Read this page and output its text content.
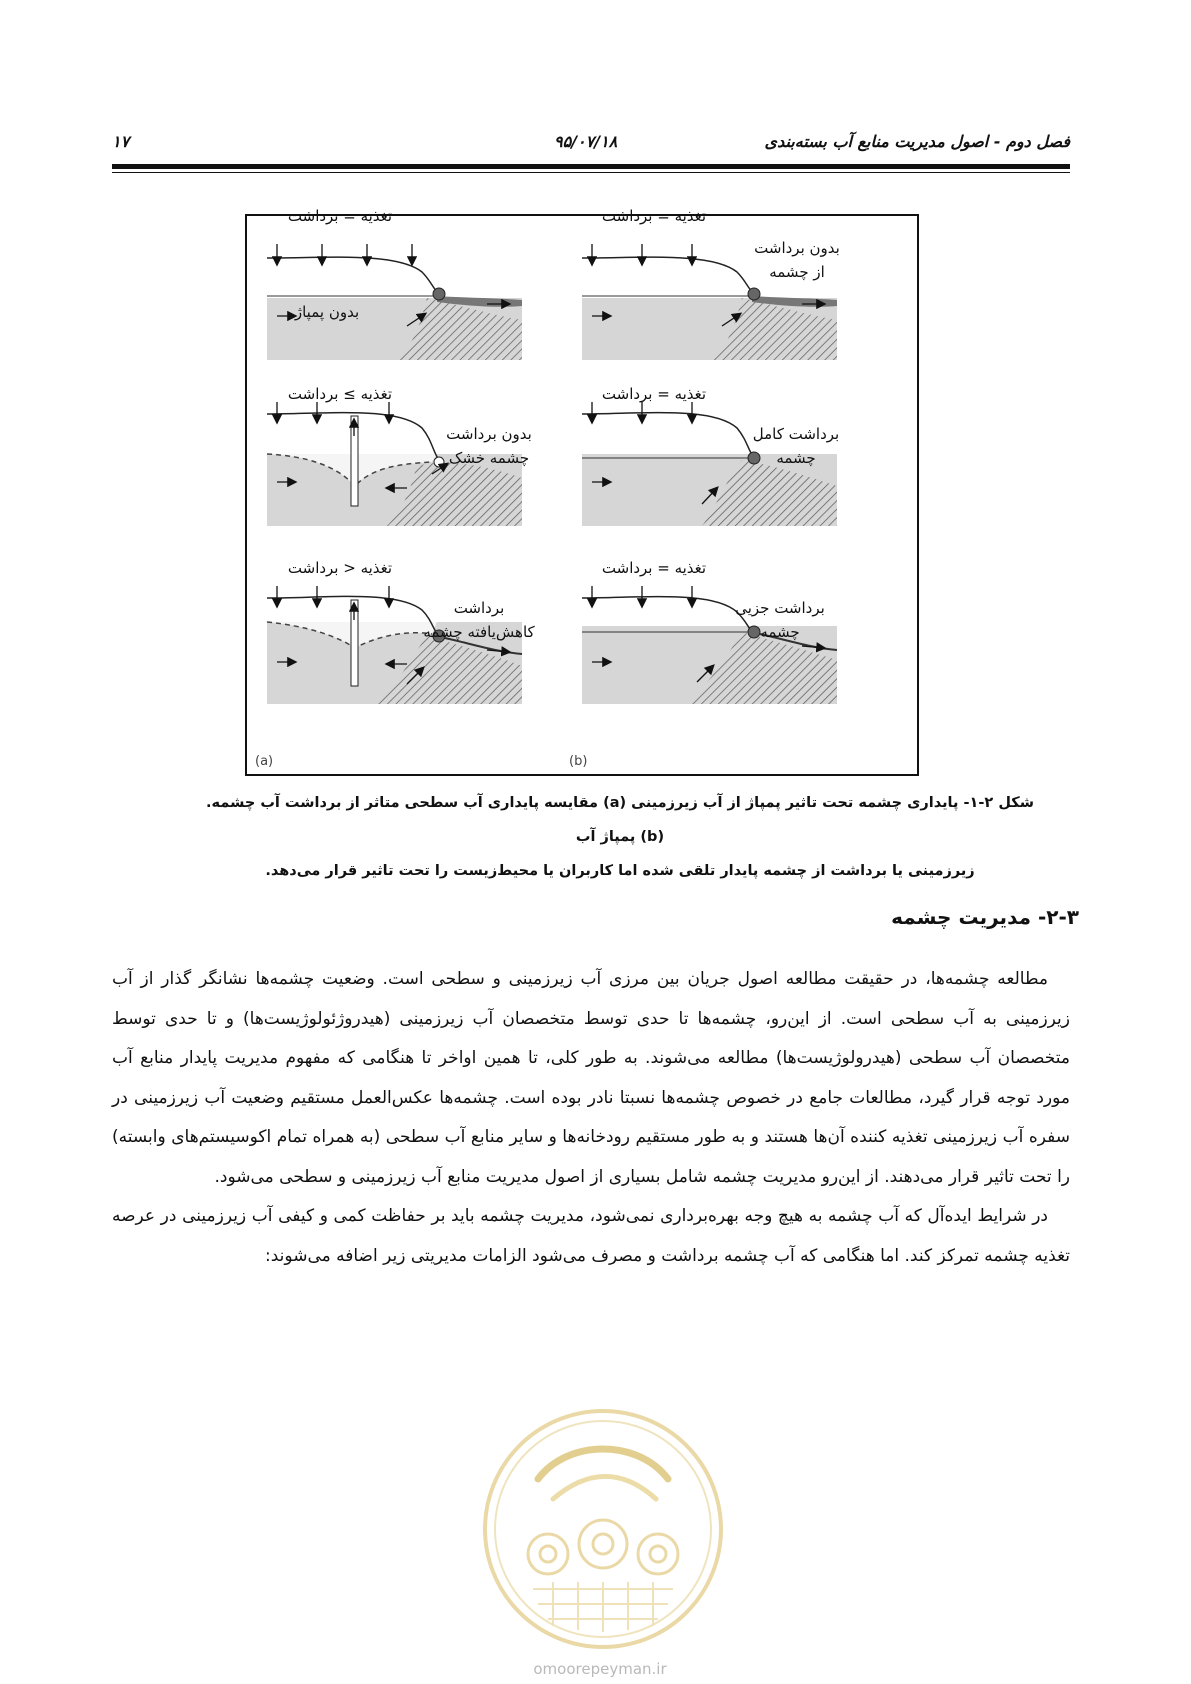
فصل دوم - اصول مدیریت منابع آب بسته‌بندی
۹۵/۰۷/۱۸
۱۷
تغذیه = برداشت
بدون پمپاژ
تغذیه = برداشت
بدون برداشت از چشمه
تغذیه ≥ برداشت
بدون برداشت چشمه خشک
تغذیه = برداشت
برداشت کامل چشمه
تغذیه < برداشت
برداشت کاهش‌یافته چشمه
تغذیه = برداشت
برداشت جزیی چشمه
(a)	(b)

شکل ۲-۱- پایداری چشمه تحت تاثیر پمپاژ از آب زیرزمینی (a) مقایسه پایداری آب سطحی متاثر از برداشت آب چشمه. (b) پمپاژ آب

زیرزمینی یا برداشت از چشمه پایدار تلقی شده اما کاربران یا محیط‌زیست را تحت تاثیر قرار می‌دهد.

۲-۳- مدیریت چشمه

مطالعه چشمه‌ها، در حقیقت مطالعه اصول جریان بین مرزی آب زیرزمینی و سطحی است. وضعیت چشمه‌ها نشانگر گذار از آب زیرزمینی به آب سطحی است. از این‌رو، چشمه‌ها تا حدی توسط متخصصان آب زیرزمینی (هیدروژئولوژیست‌ها) و تا حدی توسط متخصصان آب سطحی (هیدرولوژیست‌ها) مطالعه می‌شوند. به طور کلی، تا همین اواخر تا هنگامی که مفهوم مدیریت پایدار منابع آب مورد توجه قرار گیرد، مطالعات جامع در خصوص چشمه‌ها نسبتا نادر بوده است. چشمه‌ها عکس‌العمل مستقیم وضعیت آب زیرزمینی در سفره آب زیرزمینی تغذیه کننده آن‌ها هستند و به طور مستقیم رودخانه‌ها و سایر منابع آب سطحی (به همراه تمام اکوسیستم‌های وابسته) را تحت تاثیر قرار می‌دهند. از این‌رو مدیریت چشمه شامل بسیاری از اصول مدیریت منابع آب زیرزمینی و سطحی می‌شود.

در شرایط ایده‌آل که آب چشمه به هیچ وجه بهره‌برداری نمی‌شود، مدیریت چشمه باید بر حفاظت کمی و کیفی آب زیرزمینی در عرصه تغذیه چشمه تمرکز کند. اما هنگامی که آب چشمه برداشت و مصرف می‌شود الزامات مدیریتی زیر اضافه می‌شوند:

omoorepeyman.ir
